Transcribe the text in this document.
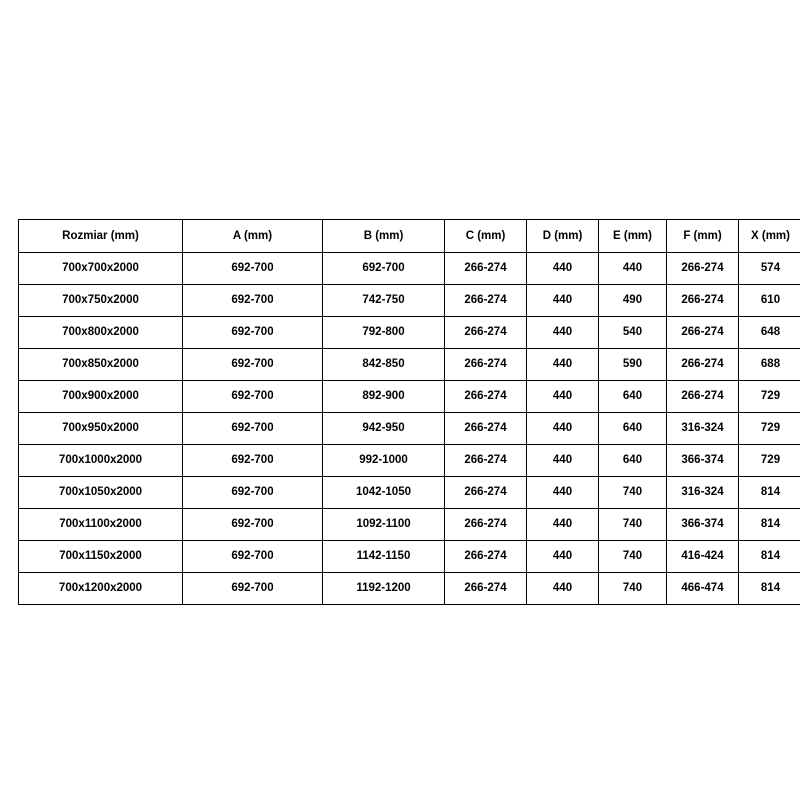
Rozmiar (mm)	A (mm)	B (mm)	C (mm)	D (mm)	E (mm)	F (mm)	X (mm)
700x700x2000	692-700	692-700	266-274	440	440	266-274	574
700x750x2000	692-700	742-750	266-274	440	490	266-274	610
700x800x2000	692-700	792-800	266-274	440	540	266-274	648
700x850x2000	692-700	842-850	266-274	440	590	266-274	688
700x900x2000	692-700	892-900	266-274	440	640	266-274	729
700x950x2000	692-700	942-950	266-274	440	640	316-324	729
700x1000x2000	692-700	992-1000	266-274	440	640	366-374	729
700x1050x2000	692-700	1042-1050	266-274	440	740	316-324	814
700x1100x2000	692-700	1092-1100	266-274	440	740	366-374	814
700x1150x2000	692-700	1142-1150	266-274	440	740	416-424	814
700x1200x2000	692-700	1192-1200	266-274	440	740	466-474	814
